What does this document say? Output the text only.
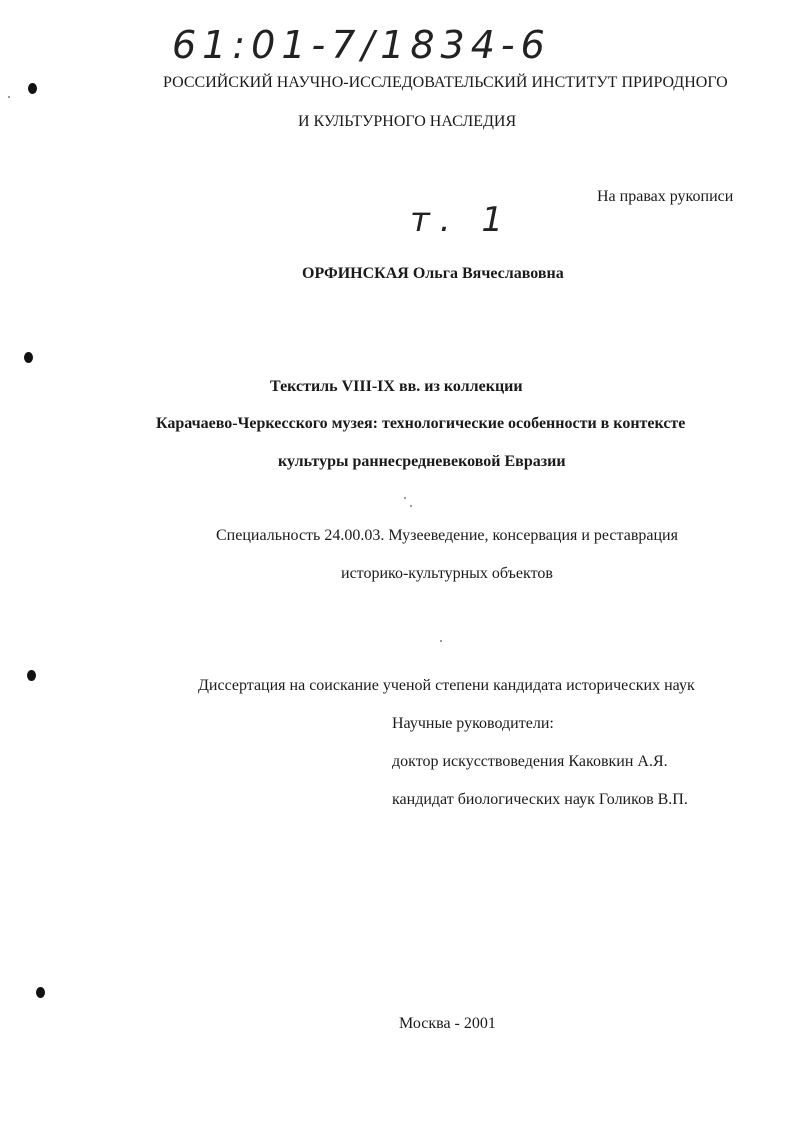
61:01-7/1834-6
РОССИЙСКИЙ НАУЧНО-ИССЛЕДОВАТЕЛЬСКИЙ ИНСТИТУТ ПРИРОДНОГО
И КУЛЬТУРНОГО НАСЛЕДИЯ
На правах рукописи
т. 1
ОРФИНСКАЯ Ольга Вячеславовна
Текстиль VIII-IX вв. из коллекции
Карачаево-Черкесского музея: технологические особенности в контексте
культуры раннесредневековой Евразии
Специальность 24.00.03. Музееведение, консервация и реставрация
историко-культурных объектов
Диссертация на соискание ученой степени кандидата исторических наук
Научные руководители:
доктор искусствоведения Каковкин А.Я.
кандидат биологических наук Голиков В.П.
Москва - 2001
